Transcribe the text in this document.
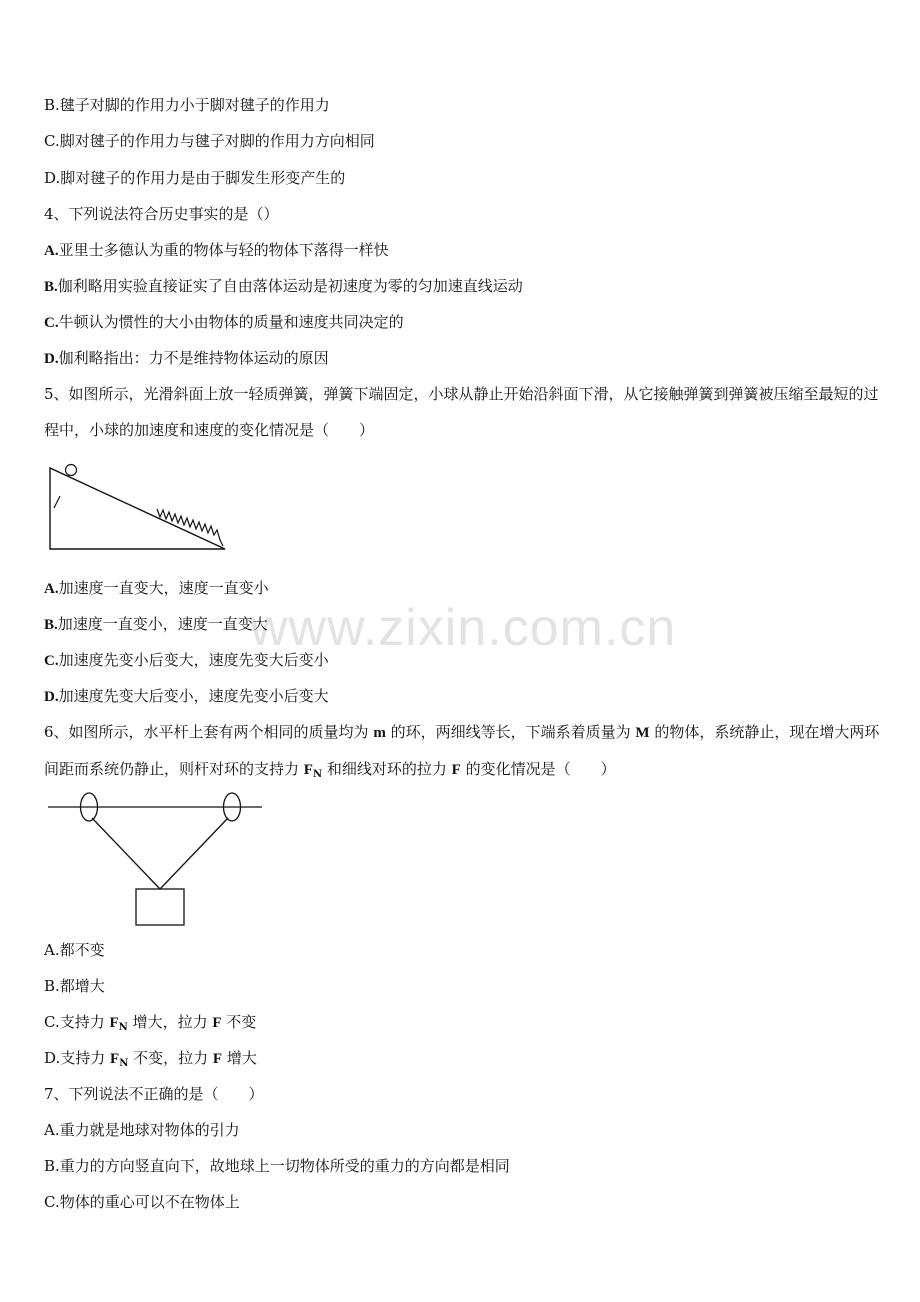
www.zixin.com.cn
B.毽子对脚的作用力小于脚对毽子的作用力
C.脚对毽子的作用力与毽子对脚的作用力方向相同
D.脚对毽子的作用力是由于脚发生形变产生的
4、下列说法符合历史事实的是（）
A.亚里士多德认为重的物体与轻的物体下落得一样快
B.伽利略用实验直接证实了自由落体运动是初速度为零的匀加速直线运动
C.牛顿认为惯性的大小由物体的质量和速度共同决定的
D.伽利略指出：力不是维持物体运动的原因
5、如图所示，光滑斜面上放一轻质弹簧，弹簧下端固定，小球从静止开始沿斜面下滑，从它接触弹簧到弹簧被压缩至最短的过程中，小球的加速度和速度的变化情况是（　　）
A.加速度一直变大，速度一直变小
B.加速度一直变小，速度一直变大
C.加速度先变小后变大，速度先变大后变小
D.加速度先变大后变小，速度先变小后变大
6、如图所示，水平杆上套有两个相同的质量均为 m 的环，两细线等长，下端系着质量为 M 的物体，系统静止，现在增大两环间距而系统仍静止，则杆对环的支持力 $F_N$ 和细线对环的拉力 F 的变化情况是（　　）
A.都不变
B.都增大
C.支持力 $F_N$ 增大，拉力 F 不变
D.支持力 $F_N$ 不变，拉力 F 增大
7、下列说法不正确的是（　　）
A.重力就是地球对物体的引力
B.重力的方向竖直向下，故地球上一切物体所受的重力的方向都是相同
C.物体的重心可以不在物体上
